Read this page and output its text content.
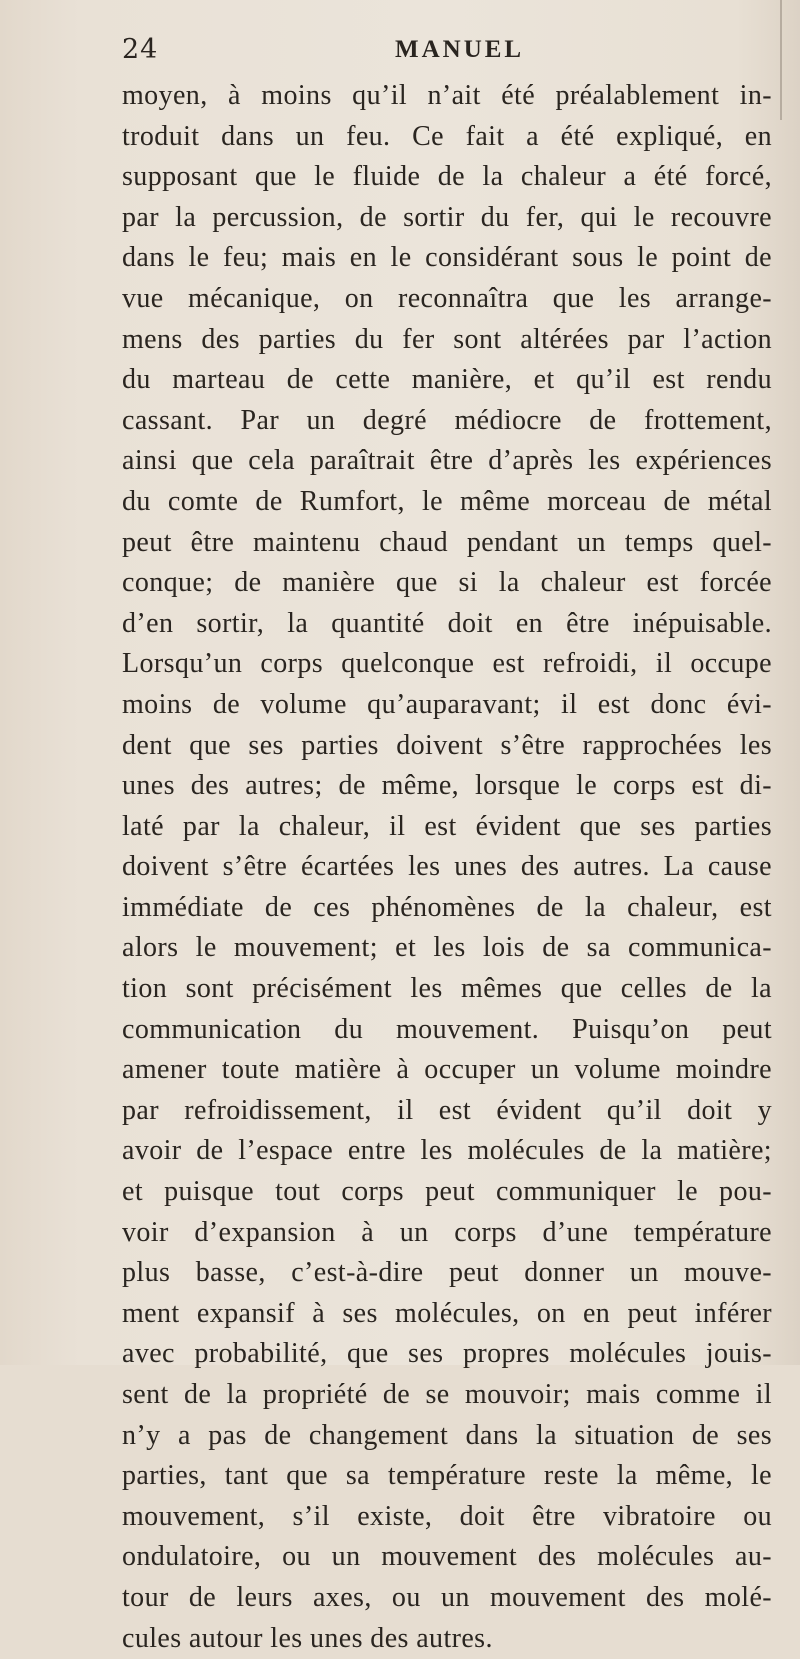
24	MANUEL
moyen, à moins qu’il n’ait été préalablement in-
troduit dans un feu. Ce fait a été expliqué, en
supposant que le fluide de la chaleur a été forcé,
par la percussion, de sortir du fer, qui le recouvre
dans le feu; mais en le considérant sous le point de
vue mécanique, on reconnaîtra que les arrange-
mens des parties du fer sont altérées par l’action
du marteau de cette manière, et qu’il est rendu
cassant. Par un degré médiocre de frottement,
ainsi que cela paraîtrait être d’après les expériences
du comte de Rumfort, le même morceau de métal
peut être maintenu chaud pendant un temps quel-
conque; de manière que si la chaleur est forcée
d’en sortir, la quantité doit en être inépuisable.
Lorsqu’un corps quelconque est refroidi, il occupe
moins de volume qu’auparavant; il est donc évi-
dent que ses parties doivent s’être rapprochées les
unes des autres; de même, lorsque le corps est di-
laté par la chaleur, il est évident que ses parties
doivent s’être écartées les unes des autres. La cause
immédiate de ces phénomènes de la chaleur, est
alors le mouvement; et les lois de sa communica-
tion sont précisément les mêmes que celles de la
communication du mouvement. Puisqu’on peut
amener toute matière à occuper un volume moindre
par refroidissement, il est évident qu’il doit y
avoir de l’espace entre les molécules de la matière;
et puisque tout corps peut communiquer le pou-
voir d’expansion à un corps d’une température
plus basse, c’est-à-dire peut donner un mouve-
ment expansif à ses molécules, on en peut inférer
avec probabilité, que ses propres molécules jouis-
sent de la propriété de se mouvoir; mais comme il
n’y a pas de changement dans la situation de ses
parties, tant que sa température reste la même, le
mouvement, s’il existe, doit être vibratoire ou
ondulatoire, ou un mouvement des molécules au-
tour de leurs axes, ou un mouvement des molé-
cules autour les unes des autres.
